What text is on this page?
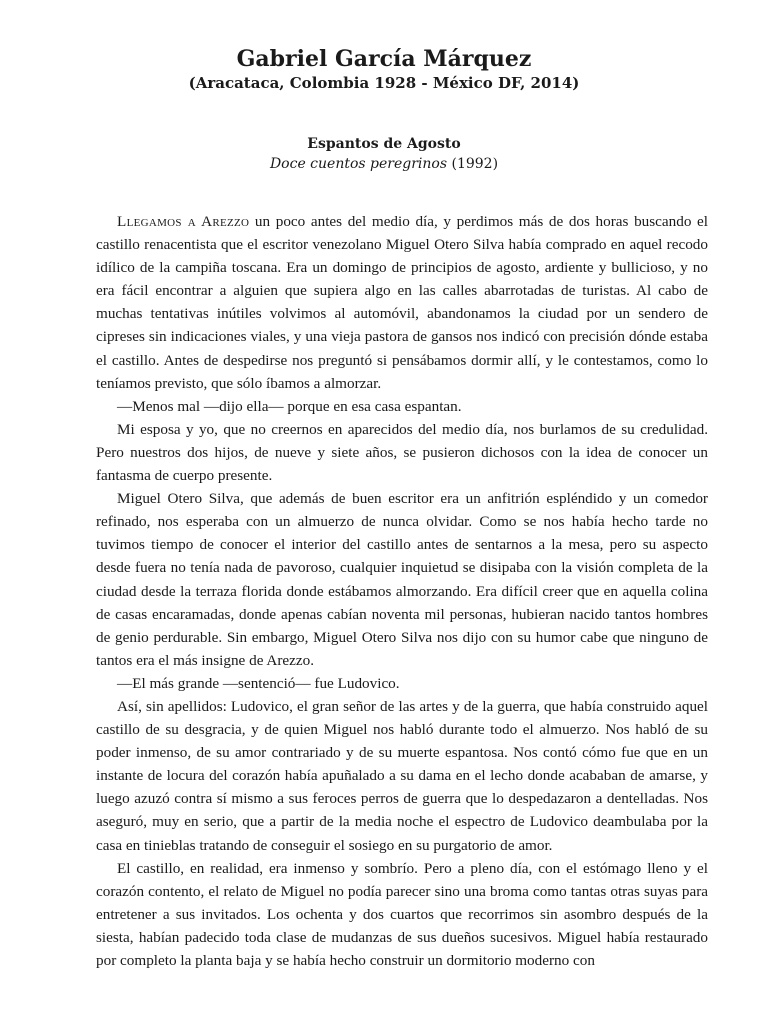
Gabriel García Márquez
(Aracataca, Colombia 1928 - México DF, 2014)
Espantos de Agosto
Doce cuentos peregrinos (1992)

Llegamos a Arezzo un poco antes del medio día, y perdimos más de dos horas buscando el castillo renacentista que el escritor venezolano Miguel Otero Silva había comprado en aquel recodo idílico de la campiña toscana. Era un domingo de principios de agosto, ardiente y bullicioso, y no era fácil encontrar a alguien que supiera algo en las calles abarrotadas de turistas. Al cabo de muchas tentativas inútiles volvimos al automóvil, abandonamos la ciudad por un sendero de cipreses sin indicaciones viales, y una vieja pastora de gansos nos indicó con precisión dónde estaba el castillo. Antes de despedirse nos preguntó si pensábamos dormir allí, y le contestamos, como lo teníamos previsto, que sólo íbamos a almorzar.

—Menos mal —dijo ella— porque en esa casa espantan.

Mi esposa y yo, que no creernos en aparecidos del medio día, nos burlamos de su credulidad. Pero nuestros dos hijos, de nueve y siete años, se pusieron dichosos con la idea de conocer un fantasma de cuerpo presente.

Miguel Otero Silva, que además de buen escritor era un anfitrión espléndido y un comedor refinado, nos esperaba con un almuerzo de nunca olvidar. Como se nos había hecho tarde no tuvimos tiempo de conocer el interior del castillo antes de sentarnos a la mesa, pero su aspecto desde fuera no tenía nada de pavoroso, cualquier inquietud se disipaba con la visión completa de la ciudad desde la terraza florida donde estábamos almorzando. Era difícil creer que en aquella colina de casas encaramadas, donde apenas cabían noventa mil personas, hubieran nacido tantos hombres de genio perdurable. Sin embargo, Miguel Otero Silva nos dijo con su humor cabe que ninguno de tantos era el más insigne de Arezzo.

—El más grande —sentenció— fue Ludovico.

Así, sin apellidos: Ludovico, el gran señor de las artes y de la guerra, que había construido aquel castillo de su desgracia, y de quien Miguel nos habló durante todo el almuerzo. Nos habló de su poder inmenso, de su amor contrariado y de su muerte espantosa. Nos contó cómo fue que en un instante de locura del corazón había apuñalado a su dama en el lecho donde acababan de amarse, y luego azuzó contra sí mismo a sus feroces perros de guerra que lo despedazaron a dentelladas. Nos aseguró, muy en serio, que a partir de la media noche el espectro de Ludovico deambulaba por la casa en tinieblas tratando de conseguir el sosiego en su purgatorio de amor.

El castillo, en realidad, era inmenso y sombrío. Pero a pleno día, con el estómago lleno y el corazón contento, el relato de Miguel no podía parecer sino una broma como tantas otras suyas para entretener a sus invitados. Los ochenta y dos cuartos que recorrimos sin asombro después de la siesta, habían padecido toda clase de mudanzas de sus dueños sucesivos. Miguel había restaurado por completo la planta baja y se había hecho construir un dormitorio moderno con
